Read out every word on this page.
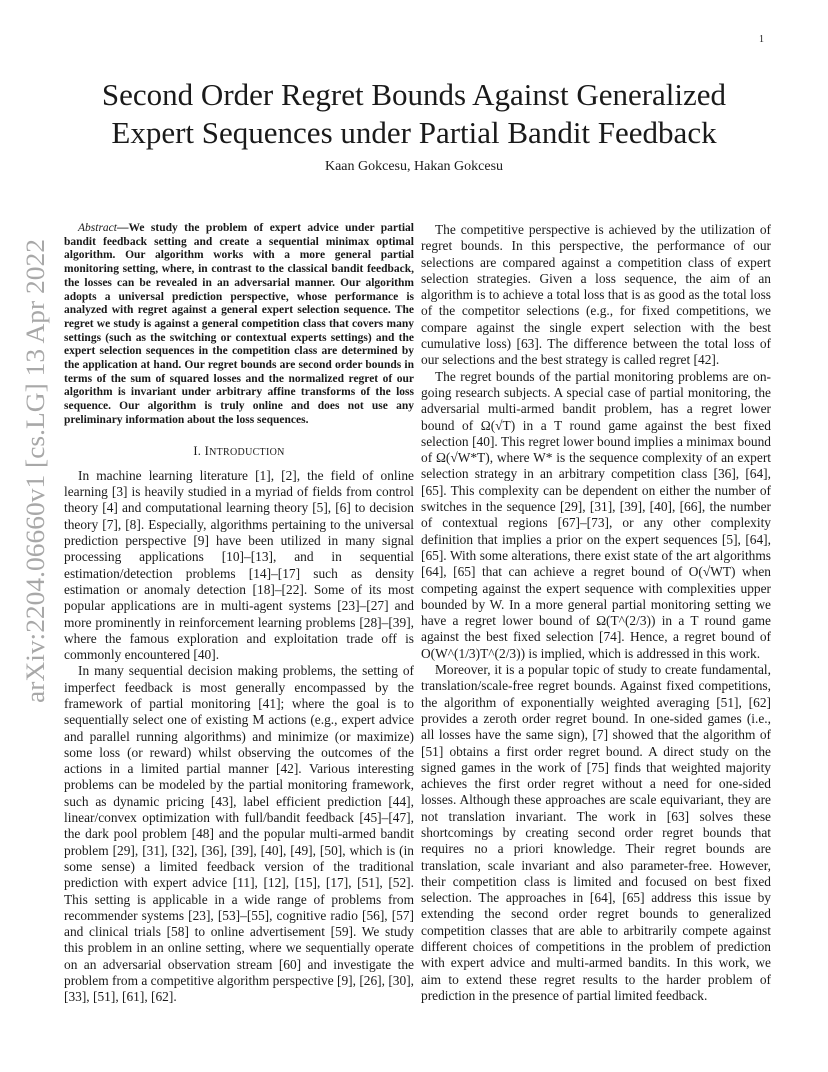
1
arXiv:2204.06660v1 [cs.LG] 13 Apr 2022
Second Order Regret Bounds Against Generalized Expert Sequences under Partial Bandit Feedback
Kaan Gokcesu, Hakan Gokcesu

Abstract—We study the problem of expert advice under partial bandit feedback setting and create a sequential minimax optimal algorithm. Our algorithm works with a more general partial monitoring setting, where, in contrast to the classical bandit feedback, the losses can be revealed in an adversarial manner. Our algorithm adopts a universal prediction perspective, whose performance is analyzed with regret against a general expert selection sequence. The regret we study is against a general competition class that covers many settings (such as the switching or contextual experts settings) and the expert selection sequences in the competition class are determined by the application at hand. Our regret bounds are second order bounds in terms of the sum of squared losses and the normalized regret of our algorithm is invariant under arbitrary affine transforms of the loss sequence. Our algorithm is truly online and does not use any preliminary information about the loss sequences.

I. INTRODUCTION

In machine learning literature [1], [2], the field of online learning [3] is heavily studied in a myriad of fields from control theory [4] and computational learning theory [5], [6] to decision theory [7], [8]. Especially, algorithms pertaining to the universal prediction perspective [9] have been utilized in many signal processing applications [10]–[13], and in sequential estimation/detection problems [14]–[17] such as density estimation or anomaly detection [18]–[22]. Some of its most popular applications are in multi-agent systems [23]–[27] and more prominently in reinforcement learning problems [28]–[39], where the famous exploration and exploitation trade off is commonly encountered [40].

In many sequential decision making problems, the setting of imperfect feedback is most generally encompassed by the framework of partial monitoring [41]; where the goal is to sequentially select one of existing M actions (e.g., expert advice and parallel running algorithms) and minimize (or maximize) some loss (or reward) whilst observing the outcomes of the actions in a limited partial manner [42]. Various interesting problems can be modeled by the partial monitoring framework, such as dynamic pricing [43], label efficient prediction [44], linear/convex optimization with full/bandit feedback [45]–[47], the dark pool problem [48] and the popular multi-armed bandit problem [29], [31], [32], [36], [39], [40], [49], [50], which is (in some sense) a limited feedback version of the traditional prediction with expert advice [11], [12], [15], [17], [51], [52]. This setting is applicable in a wide range of problems from recommender systems [23], [53]–[55], cognitive radio [56], [57] and clinical trials [58] to online advertisement [59]. We study this problem in an online setting, where we sequentially operate on an adversarial observation stream [60] and investigate the problem from a competitive algorithm perspective [9], [26], [30], [33], [51], [61], [62].

The competitive perspective is achieved by the utilization of regret bounds. In this perspective, the performance of our selections are compared against a competition class of expert selection strategies. Given a loss sequence, the aim of an algorithm is to achieve a total loss that is as good as the total loss of the competitor selections (e.g., for fixed competitions, we compare against the single expert selection with the best cumulative loss) [63]. The difference between the total loss of our selections and the best strategy is called regret [42].

The regret bounds of the partial monitoring problems are on-going research subjects. A special case of partial monitoring, the adversarial multi-armed bandit problem, has a regret lower bound of Ω(√T) in a T round game against the best fixed selection [40]. This regret lower bound implies a minimax bound of Ω(√W*T), where W* is the sequence complexity of an expert selection strategy in an arbitrary competition class [36], [64], [65]. This complexity can be dependent on either the number of switches in the sequence [29], [31], [39], [40], [66], the number of contextual regions [67]–[73], or any other complexity definition that implies a prior on the expert sequences [5], [64], [65]. With some alterations, there exist state of the art algorithms [64], [65] that can achieve a regret bound of O(√WT) when competing against the expert sequence with complexities upper bounded by W. In a more general partial monitoring setting we have a regret lower bound of Ω(T^(2/3)) in a T round game against the best fixed selection [74]. Hence, a regret bound of O(W^(1/3)T^(2/3)) is implied, which is addressed in this work.

Moreover, it is a popular topic of study to create fundamental, translation/scale-free regret bounds. Against fixed competitions, the algorithm of exponentially weighted averaging [51], [62] provides a zeroth order regret bound. In one-sided games (i.e., all losses have the same sign), [7] showed that the algorithm of [51] obtains a first order regret bound. A direct study on the signed games in the work of [75] finds that weighted majority achieves the first order regret without a need for one-sided losses. Although these approaches are scale equivariant, they are not translation invariant. The work in [63] solves these shortcomings by creating second order regret bounds that requires no a priori knowledge. Their regret bounds are translation, scale invariant and also parameter-free. However, their competition class is limited and focused on best fixed selection. The approaches in [64], [65] address this issue by extending the second order regret bounds to generalized competition classes that are able to arbitrarily compete against different choices of competitions in the problem of prediction with expert advice and multi-armed bandits. In this work, we aim to extend these regret results to the harder problem of prediction in the presence of partial limited feedback.
